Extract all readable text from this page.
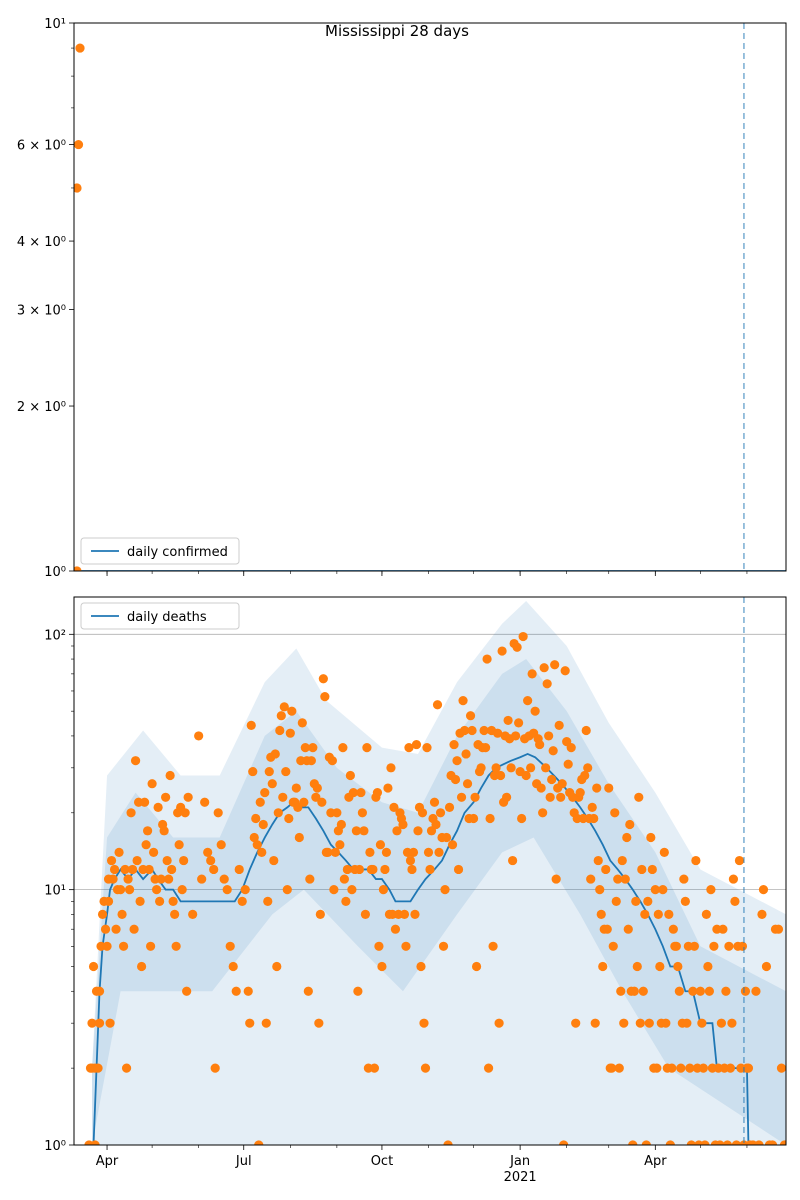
10⁰
2 × 10⁰
3 × 10⁰
4 × 10⁰
6 × 10⁰
10¹
daily confirmed
10⁰
10¹
10²
Apr	Jul	Oct	Jan	Apr
2021
daily deaths
Mississippi 28 days
